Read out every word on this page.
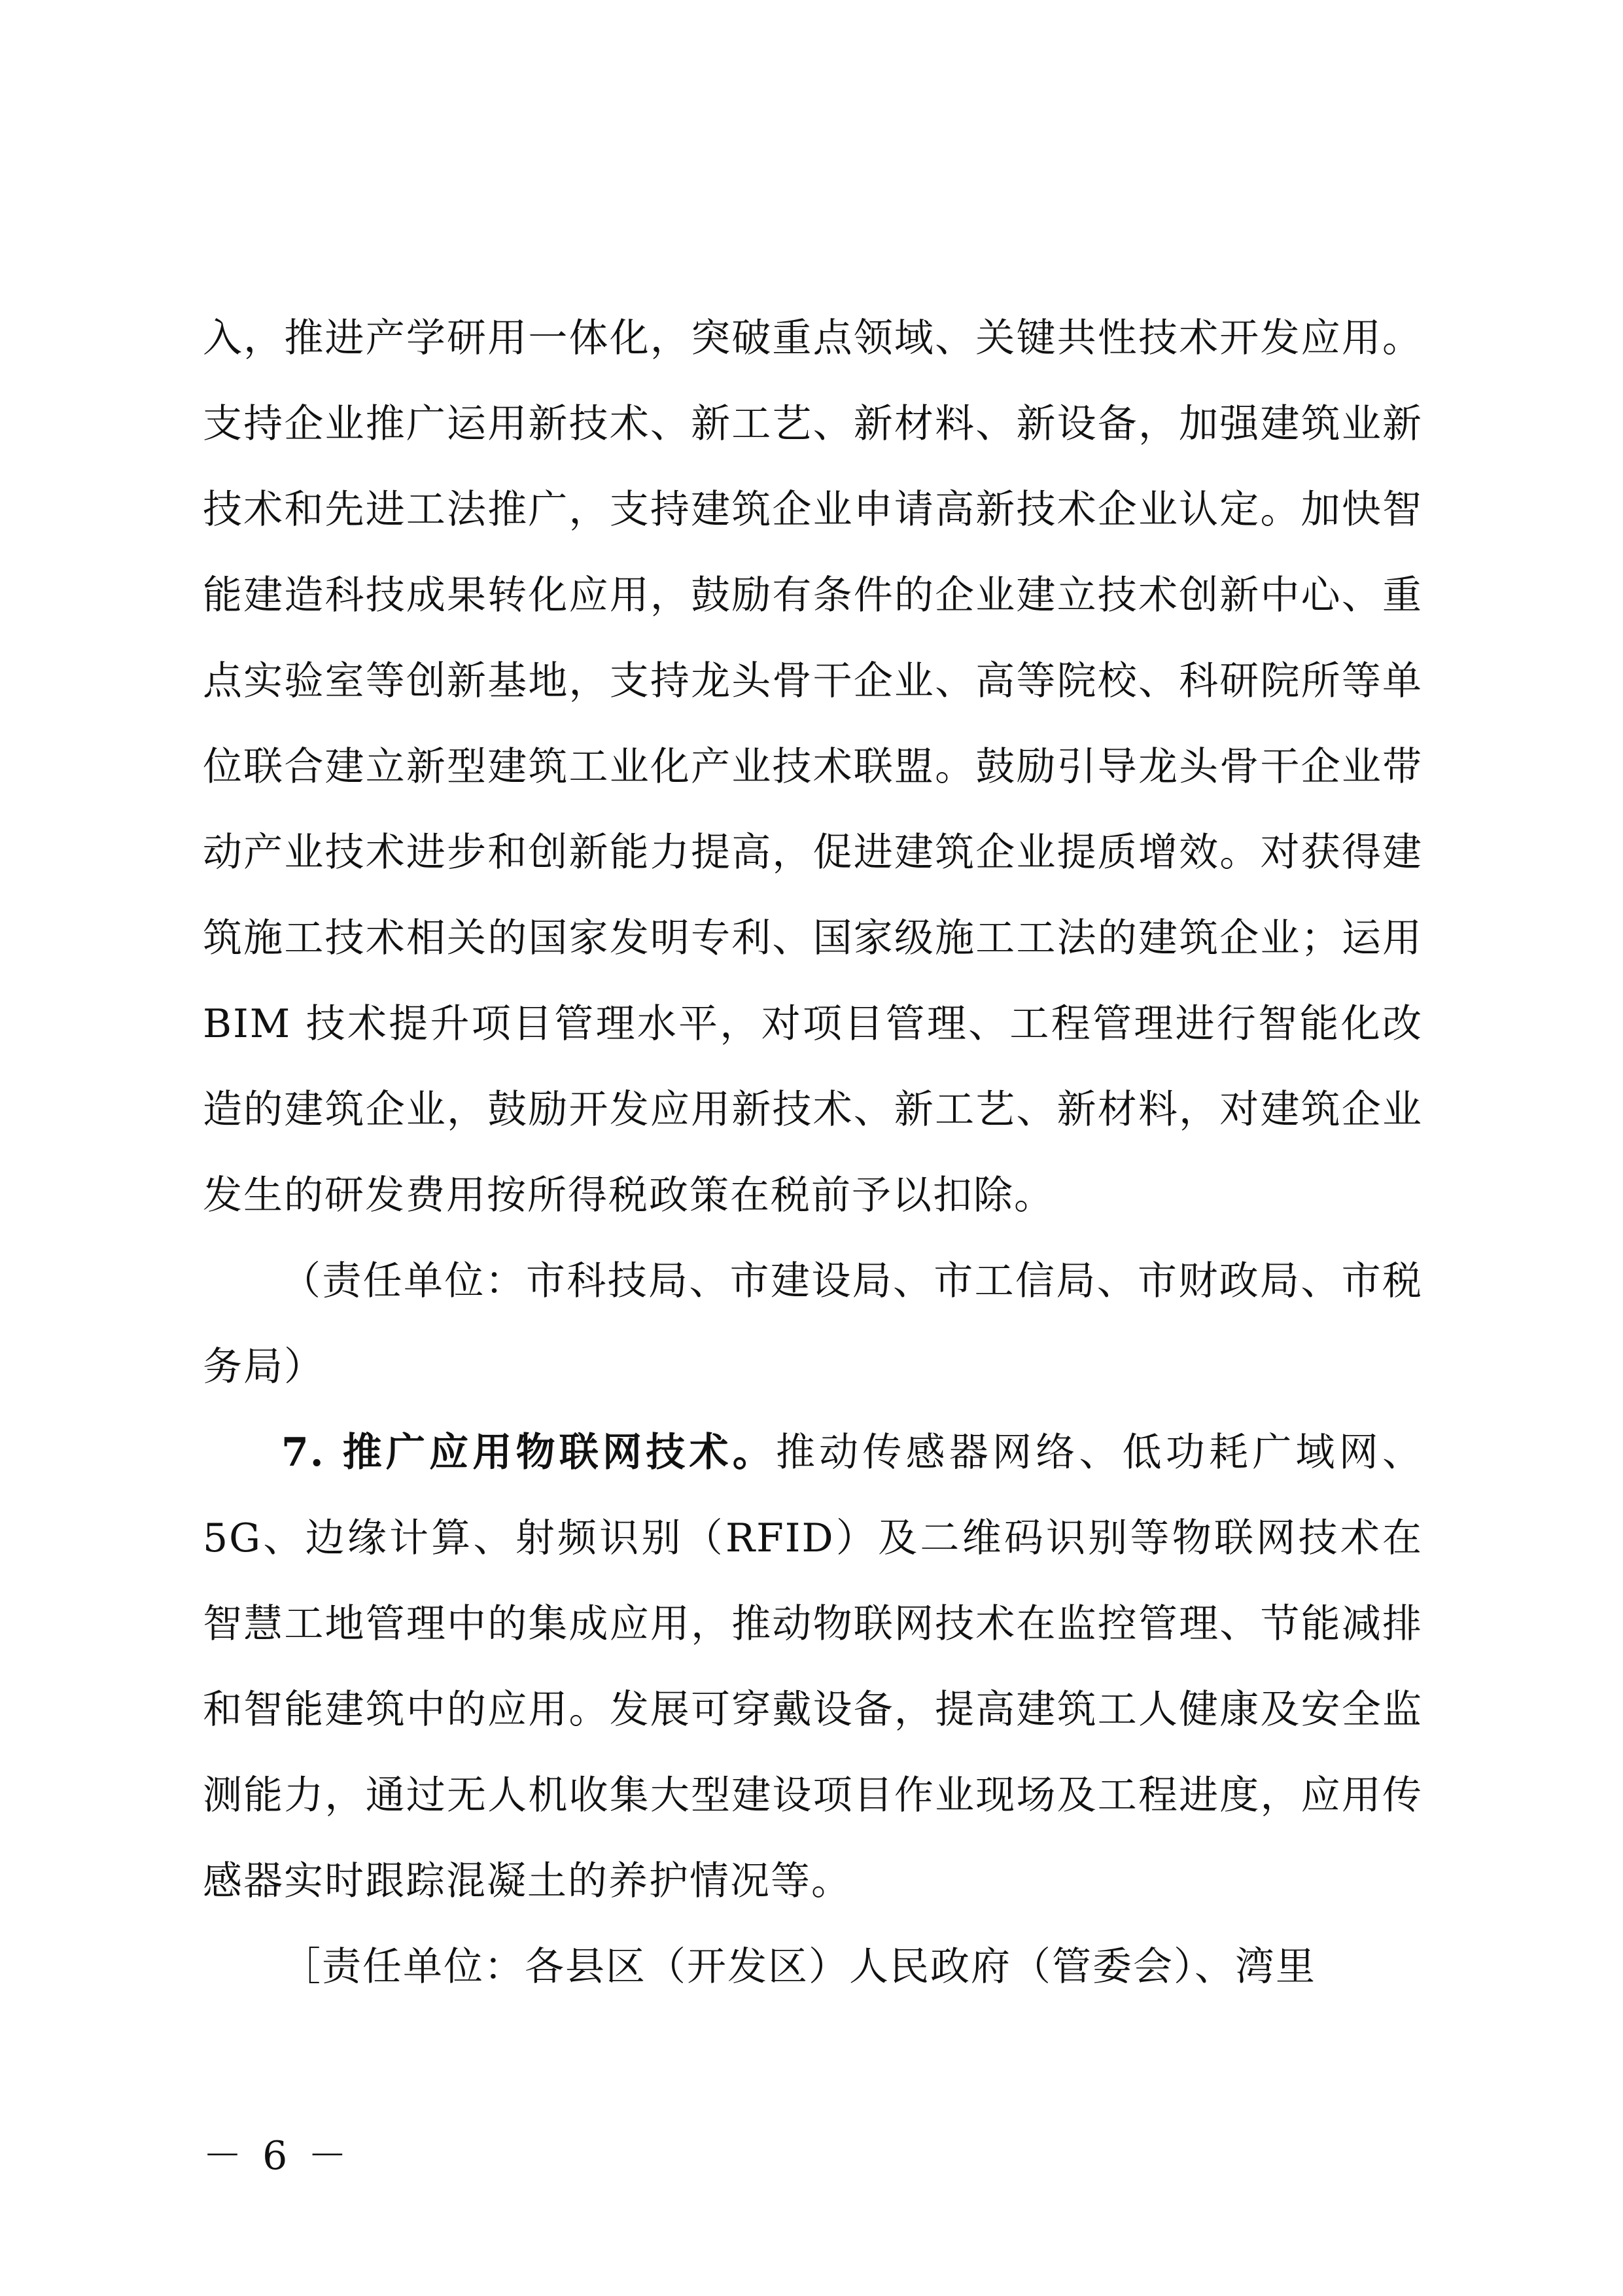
入，推进产学研用一体化，突破重点领域、关键共性技术开发应用。支持企业推广运用新技术、新工艺、新材料、新设备，加强建筑业新技术和先进工法推广，支持建筑企业申请高新技术企业认定。加快智能建造科技成果转化应用，鼓励有条件的企业建立技术创新中心、重点实验室等创新基地，支持龙头骨干企业、高等院校、科研院所等单位联合建立新型建筑工业化产业技术联盟。鼓励引导龙头骨干企业带动产业技术进步和创新能力提高，促进建筑企业提质增效。对获得建筑施工技术相关的国家发明专利、国家级施工工法的建筑企业；运用 BIM 技术提升项目管理水平，对项目管理、工程管理进行智能化改造的建筑企业，鼓励开发应用新技术、新工艺、新材料，对建筑企业发生的研发费用按所得税政策在税前予以扣除。

（责任单位：市科技局、市建设局、市工信局、市财政局、市税务局）

7. 推广应用物联网技术。推动传感器网络、低功耗广域网、5G、边缘计算、射频识别（RFID）及二维码识别等物联网技术在智慧工地管理中的集成应用，推动物联网技术在监控管理、节能减排和智能建筑中的应用。发展可穿戴设备，提高建筑工人健康及安全监测能力，通过无人机收集大型建设项目作业现场及工程进度，应用传感器实时跟踪混凝土的养护情况等。

［责任单位：各县区（开发区）人民政府（管委会）、湾里

－ 6 －
